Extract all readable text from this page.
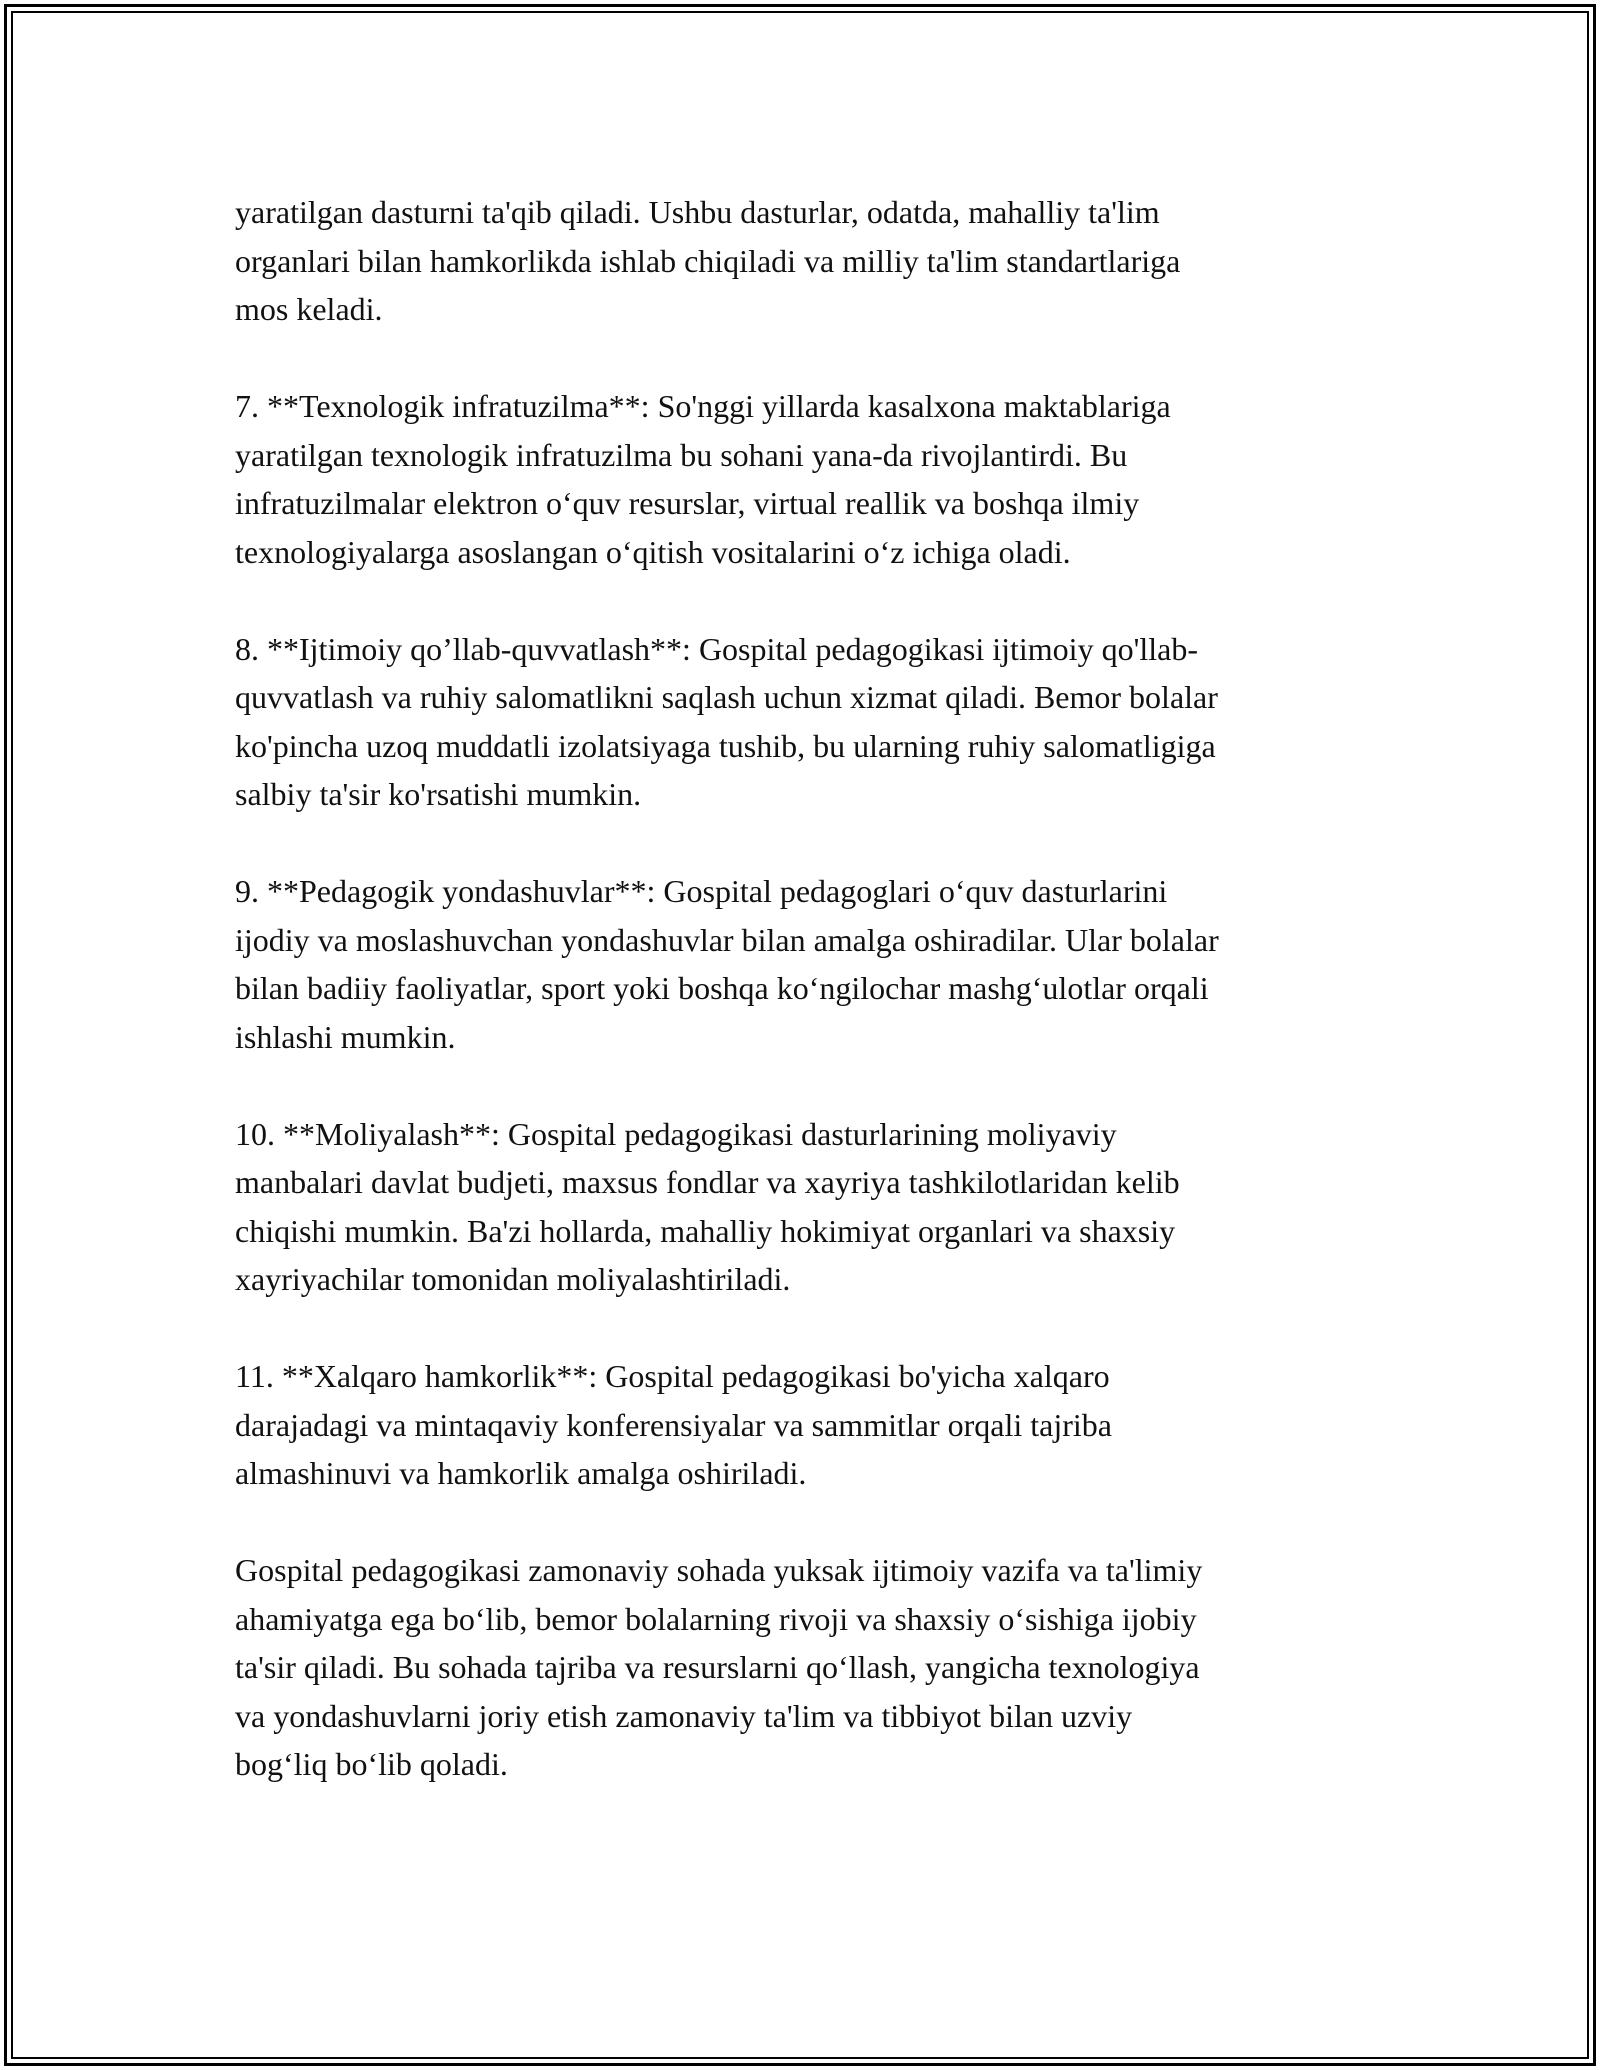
yaratilgan dasturni ta'qib qiladi. Ushbu dasturlar, odatda, mahalliy ta'lim
organlari bilan hamkorlikda ishlab chiqiladi va milliy ta'lim standartlariga
mos keladi.

7. **Texnologik infratuzilma**: So'nggi yillarda kasalxona maktablariga
yaratilgan texnologik infratuzilma bu sohani yana-da rivojlantirdi. Bu
infratuzilmalar elektron o‘quv resurslar, virtual reallik va boshqa ilmiy
texnologiyalarga asoslangan o‘qitish vositalarini o‘z ichiga oladi.

8. **Ijtimoiy qo’llab-quvvatlash**: Gospital pedagogikasi ijtimoiy qo'llab-
quvvatlash va ruhiy salomatlikni saqlash uchun xizmat qiladi. Bemor bolalar
ko'pincha uzoq muddatli izolatsiyaga tushib, bu ularning ruhiy salomatligiga
salbiy ta'sir ko'rsatishi mumkin.

9. **Pedagogik yondashuvlar**: Gospital pedagoglari o‘quv dasturlarini
ijodiy va moslashuvchan yondashuvlar bilan amalga oshiradilar. Ular bolalar
bilan badiiy faoliyatlar, sport yoki boshqa ko‘ngilochar mashg‘ulotlar orqali
ishlashi mumkin.

10. **Moliyalash**: Gospital pedagogikasi dasturlarining moliyaviy
manbalari davlat budjeti, maxsus fondlar va xayriya tashkilotlaridan kelib
chiqishi mumkin. Ba'zi hollarda, mahalliy hokimiyat organlari va shaxsiy
xayriyachilar tomonidan moliyalashtiriladi.

11. **Xalqaro hamkorlik**: Gospital pedagogikasi bo'yicha xalqaro
darajadagi va mintaqaviy konferensiyalar va sammitlar orqali tajriba
almashinuvi va hamkorlik amalga oshiriladi.

Gospital pedagogikasi zamonaviy sohada yuksak ijtimoiy vazifa va ta'limiy
ahamiyatga ega bo‘lib, bemor bolalarning rivoji va shaxsiy o‘sishiga ijobiy
ta'sir qiladi. Bu sohada tajriba va resurslarni qo‘llash, yangicha texnologiya
va yondashuvlarni joriy etish zamonaviy ta'lim va tibbiyot bilan uzviy
bog‘liq bo‘lib qoladi.
